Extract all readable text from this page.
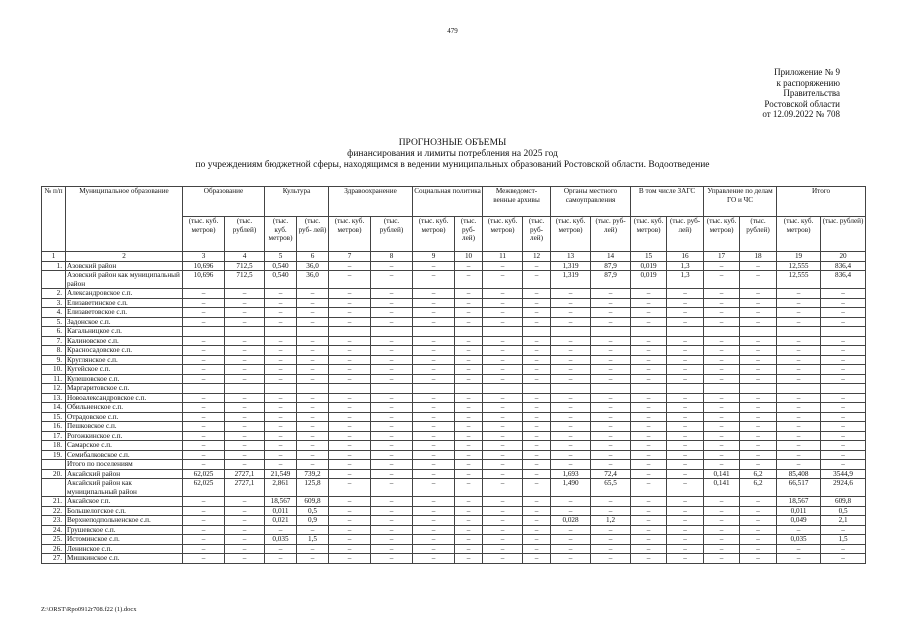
479
Приложение № 9
к распоряжению
Правительства
Ростовской области
от 12.09.2022 № 708
ПРОГНОЗНЫЕ ОБЪЕМЫ
финансирования и лимиты потребления на 2025 год
по учреждениям бюджетной сферы, находящимся в ведении муниципальных образований Ростовской области. Водоотведение
№ п/п	Муниципальное образование	Образование		Культура		Здравоохранение		Социальная политика		Межведомст- венные архивы		Органы местного самоуправления		В том числе ЗАГС		Управление по делам ГО и ЧС		Итого	
		(тыс. куб. метров)	(тыс. рублей)	(тыс. куб. метров)	(тыс. руб- лей)	(тыс. куб. метров)	(тыс. рублей)	(тыс. куб. метров)	(тыс. руб- лей)	(тыс. куб. метров)	(тыс. руб- лей)	(тыс. куб. метров)	(тыс. руб- лей)	(тыс. куб. метров)	(тыс. руб- лей)	(тыс. куб. метров)	(тыс. рублей)	(тыс. куб. метров)	(тыс. рублей)
1	2	3	4	5	6	7	8	9	10	11	12	13	14	15	16	17	18	19	20
1.	Азовский район	10,696	712,5	0,540	36,0	–	–	–	–	–	–	1,319	87,9	0,019	1,3	–	–	12,555	836,4
	Азовский район как муниципальный район	10,696	712,5	0,540	36,0	–	–	–	–	–	–	1,319	87,9	0,019	1,3	–	–	12,555	836,4
2.	Александровское с.п.	–	–	–	–	–	–	–	–	–	–	–	–	–	–	–	–	–	–
3.	Елизаветинское с.п.	–	–	–	–	–	–	–	–	–	–	–	–	–	–	–	–	–	–
4.	Елизаветовское с.п.	–	–	–	–	–	–	–	–	–	–	–	–	–	–	–	–	–	–
5.	Задонское с.п.	–	–	–	–	–	–	–	–	–	–	–	–	–	–	–	–	–	–
6.	Кагальницкое с.п.																		
7.	Калиновское с.п.	–	–	–	–	–	–	–	–	–	–	–	–	–	–	–	–	–	–
8.	Красносадовское с.п.	–	–	–	–	–	–	–	–	–	–	–	–	–	–	–	–	–	–
9.	Круглянское с.п.	–	–	–	–	–	–	–	–	–	–	–	–	–	–	–	–	–	–
10.	Кугейское с.п.	–	–	–	–	–	–	–	–	–	–	–	–	–	–	–	–	–	–
11.	Кулешовское с.п.	–	–	–	–	–	–	–	–	–	–	–	–	–	–	–	–	–	–
12.	Маргаритовское с.п.																		
13.	Новоалександровское с.п.	–	–	–	–	–	–	–	–	–	–	–	–	–	–	–	–	–	–
14.	Обильненское с.п.	–	–	–	–	–	–	–	–	–	–	–	–	–	–	–	–	–	–
15.	Отрадовское с.п.	–	–	–	–	–	–	–	–	–	–	–	–	–	–	–	–	–	–
16.	Пешковское с.п.	–	–	–	–	–	–	–	–	–	–	–	–	–	–	–	–	–	–
17.	Рогожкинское с.п.	–	–	–	–	–	–	–	–	–	–	–	–	–	–	–	–	–	–
18.	Самарское с.п.	–	–	–	–	–	–	–	–	–	–	–	–	–	–	–	–	–	–
19.	Семибалковское с.п.	–	–	–	–	–	–	–	–	–	–	–	–	–	–	–	–	–	–
	Итого по поселениям	–	–	–	–	–	–	–	–	–	–	–	–	–	–	–	–	–	–
20.	Аксайский район	62,025	2727,1	21,549	739,2	–	–	–	–	–	–	1,693	72,4	–	–	0,141	6,2	85,408	3544,9
	Аксайский район как муниципальный район	62,025	2727,1	2,861	125,8	–	–	–	–	–	–	1,490	65,5	–	–	0,141	6,2	66,517	2924,6
21.	Аксайское г.п.	–	–	18,567	609,8	–	–	–	–	–	–	–	–	–	–	–	–	18,567	609,8
22.	Большелогское с.п.	–	–	0,011	0,5	–	–	–	–	–	–	–	–	–	–	–	–	0,011	0,5
23.	Верхнеподпольненское с.п.	–	–	0,021	0,9	–	–	–	–	–	–	0,028	1,2	–	–	–	–	0,049	2,1
24.	Грушевское с.п.	–	–	–	–	–	–	–	–	–	–	–	–	–	–	–	–	–	–
25.	Истоминское с.п.	–	–	0,035	1,5	–	–	–	–	–	–	–	–	–	–	–	–	0,035	1,5
26.	Ленинское с.п.	–	–	–	–	–	–	–	–	–	–	–	–	–	–	–	–	–	–
27.	Мишкинское с.п.	–	–	–	–	–	–	–	–	–	–	–	–	–	–	–	–	–	–
Z:\ORST\Rpo0912r708.f22 (1).docx
